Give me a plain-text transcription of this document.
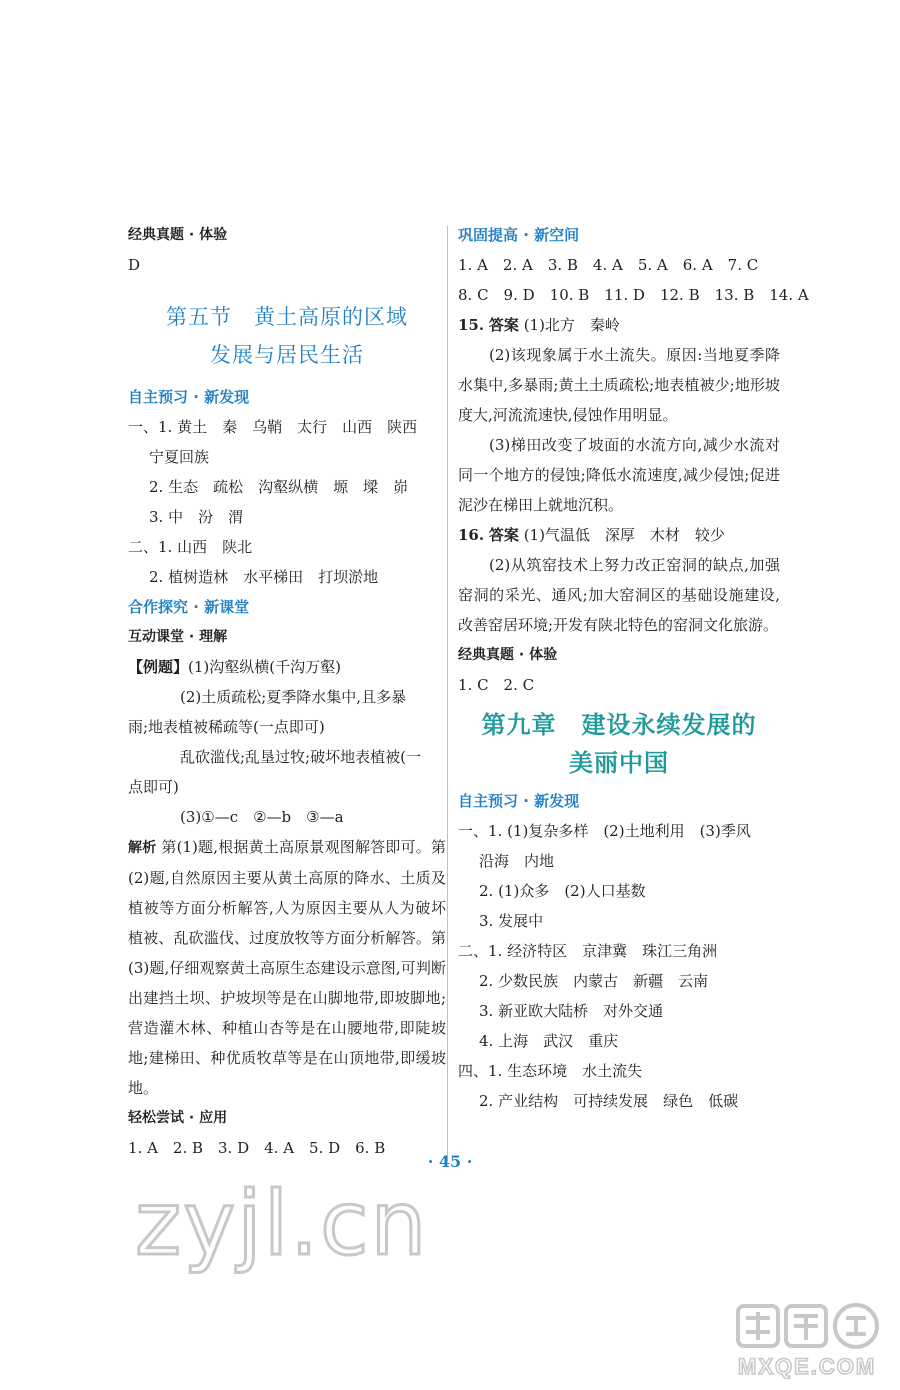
经典真题 · 体验
D
第五节　黄土高原的区域
发展与居民生活
自主预习 · 新发现
一、1. 黄土　秦　乌鞘　太行　山西　陕西
宁夏回族
2. 生态　疏松　沟壑纵横　塬　墚　峁
3. 中　汾　渭
二、1. 山西　陕北
2. 植树造林　水平梯田　打坝淤地
合作探究 · 新课堂
互动课堂 · 理解
【例题】(1)沟壑纵横(千沟万壑)
(2)土质疏松;夏季降水集中,且多暴
雨;地表植被稀疏等(一点即可)
乱砍滥伐;乱垦过牧;破坏地表植被(一
点即可)
(3)①—c　②—b　③—a

解析 第(1)题,根据黄土高原景观图解答即可。第(2)题,自然原因主要从黄土高原的降水、土质及植被等方面分析解答,人为原因主要从人为破坏植被、乱砍滥伐、过度放牧等方面分析解答。第(3)题,仔细观察黄土高原生态建设示意图,可判断出建挡土坝、护坡坝等是在山脚地带,即坡脚地;营造灌木林、种植山杏等是在山腰地带,即陡坡地;建梯田、种优质牧草等是在山顶地带,即缓坡地。

轻松尝试 · 应用
1. A　2. B　3. D　4. A　5. D　6. B
巩固提高 · 新空间
1. A　2. A　3. B　4. A　5. A　6. A　7. C
8. C　9. D　10. B　11. D　12. B　13. B　14. A
15. 答案 (1)北方　秦岭

(2)该现象属于水土流失。原因:当地夏季降水集中,多暴雨;黄土土质疏松;地表植被少;地形坡度大,河流流速快,侵蚀作用明显。

(3)梯田改变了坡面的水流方向,减少水流对同一个地方的侵蚀;降低水流速度,减少侵蚀;促进泥沙在梯田上就地沉积。

16. 答案 (1)气温低　深厚　木材　较少

(2)从筑窑技术上努力改正窑洞的缺点,加强窑洞的采光、通风;加大窑洞区的基础设施建设,改善窑居环境;开发有陕北特色的窑洞文化旅游。

经典真题 · 体验
1. C　2. C
第九章　建设永续发展的
美丽中国
自主预习 · 新发现
一、1. (1)复杂多样　(2)土地利用　(3)季风
沿海　内地
2. (1)众多　(2)人口基数
3. 发展中
二、1. 经济特区　京津冀　珠江三角洲
2. 少数民族　内蒙古　新疆　云南
3. 新亚欧大陆桥　对外交通
4. 上海　武汉　重庆
四、1. 生态环境　水土流失
2. 产业结构　可持续发展　绿色　低碳
· 45 ·
zyjl.cn
MXQE.COM
